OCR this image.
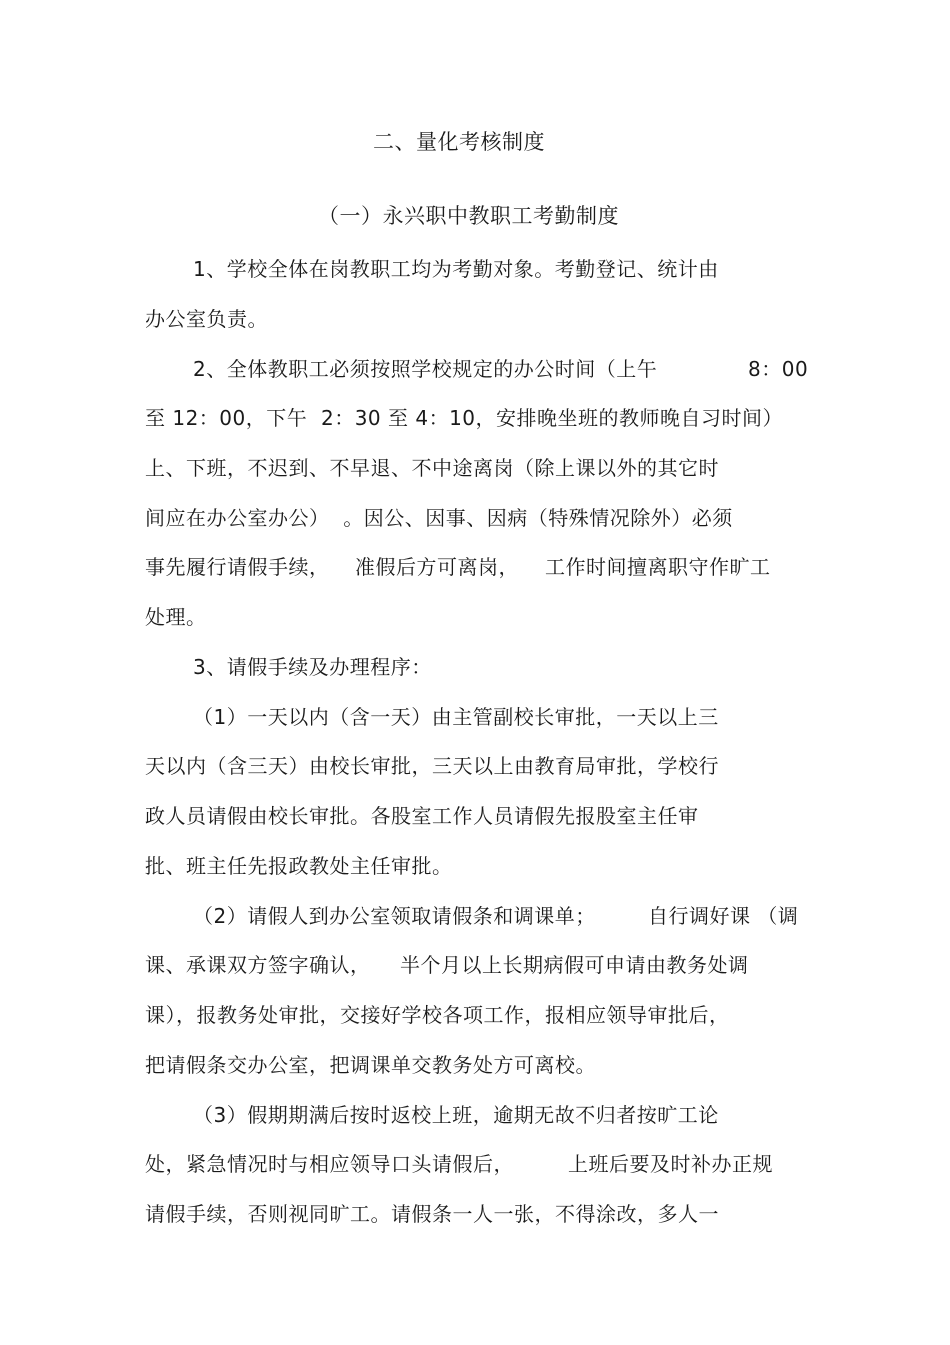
二、量化考核制度
（一）永兴职中教职工考勤制度
1、学校全体在岗教职工均为考勤对象。考勤登记、统计由
办公室负责。
2、全体教职工必须按照学校规定的办公时间（上午	8：00
至 12：00，下午  2：30 至 4：10，安排晚坐班的教师晚自习时间）
上、下班，不迟到、不早退、不中途离岗（除上课以外的其它时
间应在办公室办公）  。因公、因事、因病（特殊情况除外）必须
事先履行请假手续， 准假后方可离岗， 工作时间擅离职守作旷工
处理。
3、请假手续及办理程序：
（1）一天以内（含一天）由主管副校长审批，一天以上三
天以内（含三天）由校长审批，三天以上由教育局审批，学校行
政人员请假由校长审批。各股室工作人员请假先报股室主任审
批、班主任先报政教处主任审批。
（2）请假人到办公室领取请假条和调课单；	自行调好课 （调
课、承课双方签字确认， 半个月以上长期病假可申请由教务处调
课），报教务处审批，交接好学校各项工作，报相应领导审批后，
把请假条交办公室，把调课单交教务处方可离校。
（3）假期期满后按时返校上班，逾期无故不归者按旷工论
处，紧急情况时与相应领导口头请假后，	上班后要及时补办正规
请假手续，否则视同旷工。请假条一人一张，不得涂改，多人一
